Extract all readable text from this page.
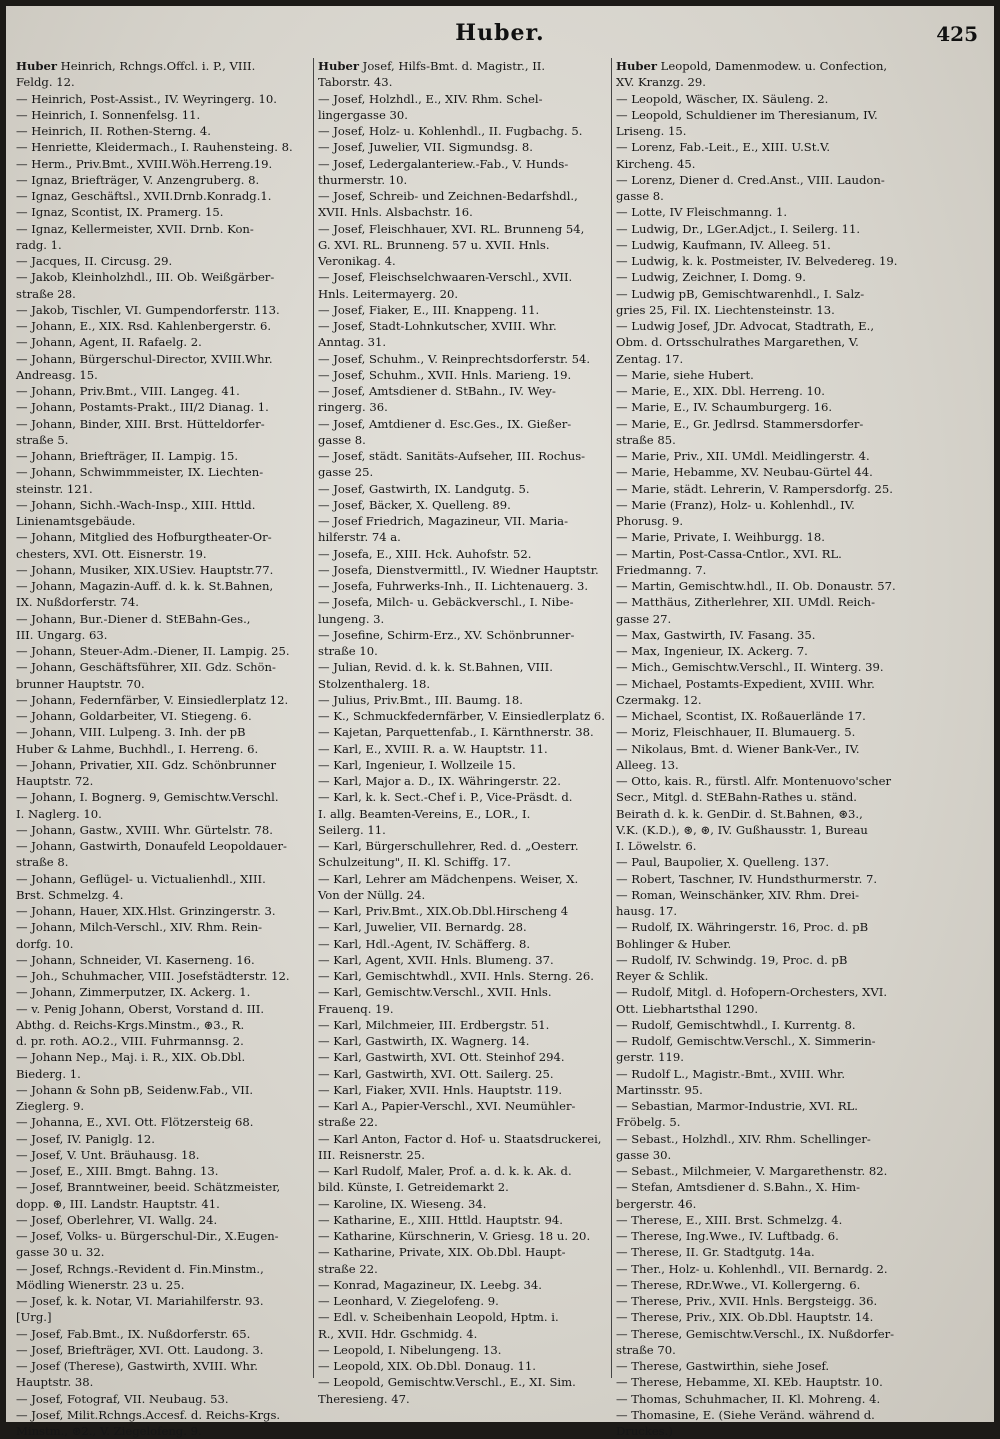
Huber.	425
Huber Heinrich, Rchngs.Offcl. i. P., VIII.
Feldg. 12.
— Heinrich, Post-Assist., IV. Weyringerg. 10.
— Heinrich, I. Sonnenfelsg. 11.
— Heinrich, II. Rothen-Sterng. 4.
— Henriette, Kleidermach., I. Rauhensteing. 8.
— Herm., Priv.Bmt., XVIII.Wöh.Herreng.19.
— Ignaz, Briefträger, V. Anzengruberg. 8.
— Ignaz, Geschäftsl., XVII.Drnb.Konradg.1.
— Ignaz, Scontist, IX. Pramerg. 15.
— Ignaz, Kellermeister, XVII. Drnb. Kon-
radg. 1.
— Jacques, II. Circusg. 29.
— Jakob, Kleinholzhdl., III. Ob. Weißgärber-
straße 28.
— Jakob, Tischler, VI. Gumpendorferstr. 113.
— Johann, E., XIX. Rsd. Kahlenbergerstr. 6.
— Johann, Agent, II. Rafaelg. 2.
— Johann, Bürgerschul-Director, XVIII.Whr.
Andreasg. 15.
— Johann, Priv.Bmt., VIII. Langeg. 41.
— Johann, Postamts-Prakt., III/2 Dianag. 1.
— Johann, Binder, XIII. Brst. Hütteldorfer-
straße 5.
— Johann, Briefträger, II. Lampig. 15.
— Johann, Schwimmmeister, IX. Liechten-
steinstr. 121.
— Johann, Sichh.-Wach-Insp., XIII. Httld.
Linienamtsgebäude.
— Johann, Mitglied des Hofburgtheater-Or-
chesters, XVI. Ott. Eisnerstr. 19.
— Johann, Musiker, XIX.USiev. Hauptstr.77.
— Johann, Magazin-Auff. d. k. k. St.Bahnen,
IX. Nußdorferstr. 74.
— Johann, Bur.-Diener d. StEBahn-Ges.,
III. Ungarg. 63.
— Johann, Steuer-Adm.-Diener, II. Lampig. 25.
— Johann, Geschäftsführer, XII. Gdz. Schön-
brunner Hauptstr. 70.
— Johann, Federnfärber, V. Einsiedlerplatz 12.
— Johann, Goldarbeiter, VI. Stiegeng. 6.
— Johann, VIII. Lulpeng. 3. Inh. der pB
Huber & Lahme, Buchhdl., I. Herreng. 6.
— Johann, Privatier, XII. Gdz. Schönbrunner
Hauptstr. 72.
— Johann, I. Bognerg. 9, Gemischtw.Verschl.
I. Naglerg. 10.
— Johann, Gastw., XVIII. Whr. Gürtelstr. 78.
— Johann, Gastwirth, Donaufeld Leopoldauer-
straße 8.
— Johann, Geflügel- u. Victualienhdl., XIII.
Brst. Schmelzg. 4.
— Johann, Hauer, XIX.Hlst. Grinzingerstr. 3.
— Johann, Milch-Verschl., XIV. Rhm. Rein-
dorfg. 10.
— Johann, Schneider, VI. Kaserneng. 16.
— Joh., Schuhmacher, VIII. Josefstädterstr. 12.
— Johann, Zimmerputzer, IX. Ackerg. 1.
— v. Penig Johann, Oberst, Vorstand d. III.
Abthg. d. Reichs-Krgs.Minstm., ⊛3., R.
d. pr. roth. AO.2., VIII. Fuhrmannsg. 2.
— Johann Nep., Maj. i. R., XIX. Ob.Dbl.
Biederg. 1.
— Johann & Sohn pB, Seidenw.Fab., VII.
Zieglerg. 9.
— Johanna, E., XVI. Ott. Flötzersteig 68.
— Josef, IV. Paniglg. 12.
— Josef, V. Unt. Bräuhausg. 18.
— Josef, E., XIII. Bmgt. Bahng. 13.
— Josef, Branntweiner, beeid. Schätzmeister,
dopp. ⊛, III. Landstr. Hauptstr. 41.
— Josef, Oberlehrer, VI. Wallg. 24.
— Josef, Volks- u. Bürgerschul-Dir., X.Eugen-
gasse 30 u. 32.
— Josef, Rchngs.-Revident d. Fin.Minstm.,
Mödling Wienerstr. 23 u. 25.
— Josef, k. k. Notar, VI. Mariahilferstr. 93.
[Urg.]
— Josef, Fab.Bmt., IX. Nußdorferstr. 65.
— Josef, Briefträger, XVI. Ott. Laudong. 3.
— Josef (Therese), Gastwirth, XVIII. Whr.
Hauptstr. 38.
— Josef, Fotograf, VII. Neubaug. 53.
— Josef, Milit.Rchngs.Accesf. d. Reichs-Krgs.
Minstm., ⊛2., V. Ziegelofeng. 9.
Huber Josef, Hilfs-Bmt. d. Magistr., II.
Taborstr. 43.
— Josef, Holzhdl., E., XIV. Rhm. Schel-
lingergasse 30.
— Josef, Holz- u. Kohlenhdl., II. Fugbachg. 5.
— Josef, Juwelier, VII. Sigmundsg. 8.
— Josef, Ledergalanteriew.-Fab., V. Hunds-
thurmerstr. 10.
— Josef, Schreib- und Zeichnen-Bedarfshdl.,
XVII. Hnls. Alsbachstr. 16.
— Josef, Fleischhauer, XVI. RL. Brunneng 54,
G. XVI. RL. Brunneng. 57 u. XVII. Hnls.
Veronikag. 4.
— Josef, Fleischselchwaaren-Verschl., XVII.
Hnls. Leitermayerg. 20.
— Josef, Fiaker, E., III. Knappeng. 11.
— Josef, Stadt-Lohnkutscher, XVIII. Whr.
Anntag. 31.
— Josef, Schuhm., V. Reinprechtsdorferstr. 54.
— Josef, Schuhm., XVII. Hnls. Marieng. 19.
— Josef, Amtsdiener d. StBahn., IV. Wey-
ringerg. 36.
— Josef, Amtdiener d. Esc.Ges., IX. Gießer-
gasse 8.
— Josef, städt. Sanitäts-Aufseher, III. Rochus-
gasse 25.
— Josef, Gastwirth, IX. Landgutg. 5.
— Josef, Bäcker, X. Quelleng. 89.
— Josef Friedrich, Magazineur, VII. Maria-
hilferstr. 74 a.
— Josefa, E., XIII. Hck. Auhofstr. 52.
— Josefa, Dienstvermittl., IV. Wiedner Hauptstr.
— Josefa, Fuhrwerks-Inh., II. Lichtenauerg. 3.
— Josefa, Milch- u. Gebäckverschl., I. Nibe-
lungeng. 3.
— Josefine, Schirm-Erz., XV. Schönbrunner-
straße 10.
— Julian, Revid. d. k. k. St.Bahnen, VIII.
Stolzenthalerg. 18.
— Julius, Priv.Bmt., III. Baumg. 18.
— K., Schmuckfedernfärber, V. Einsiedlerplatz 6.
— Kajetan, Parquettenfab., I. Kärnthnerstr. 38.
— Karl, E., XVIII. R. a. W. Hauptstr. 11.
— Karl, Ingenieur, I. Wollzeile 15.
— Karl, Major a. D., IX. Währingerstr. 22.
— Karl, k. k. Sect.-Chef i. P., Vice-Präsdt. d.
I. allg. Beamten-Vereins, E., LOR., I.
Seilerg. 11.
— Karl, Bürgerschullehrer, Red. d. „Oesterr.
Schulzeitung", II. Kl. Schiffg. 17.
— Karl, Lehrer am Mädchenpens. Weiser, X.
Von der Nüllg. 24.
— Karl, Priv.Bmt., XIX.Ob.Dbl.Hirscheng 4
— Karl, Juwelier, VII. Bernardg. 28.
— Karl, Hdl.-Agent, IV. Schäfferg. 8.
— Karl, Agent, XVII. Hnls. Blumeng. 37.
— Karl, Gemischtwhdl., XVII. Hnls. Sterng. 26.
— Karl, Gemischtw.Verschl., XVII. Hnls.
Frauenq. 19.
— Karl, Milchmeier, III. Erdbergstr. 51.
— Karl, Gastwirth, IX. Wagnerg. 14.
— Karl, Gastwirth, XVI. Ott. Steinhof 294.
— Karl, Gastwirth, XVI. Ott. Sailerg. 25.
— Karl, Fiaker, XVII. Hnls. Hauptstr. 119.
— Karl A., Papier-Verschl., XVI. Neumühler-
straße 22.
— Karl Anton, Factor d. Hof- u. Staatsdruckerei,
III. Reisnerstr. 25.
— Karl Rudolf, Maler, Prof. a. d. k. k. Ak. d.
bild. Künste, I. Getreidemarkt 2.
— Karoline, IX. Wieseng. 34.
— Katharine, E., XIII. Httld. Hauptstr. 94.
— Katharine, Kürschnerin, V. Griesg. 18 u. 20.
— Katharine, Private, XIX. Ob.Dbl. Haupt-
straße 22.
— Konrad, Magazineur, IX. Leebg. 34.
— Leonhard, V. Ziegelofeng. 9.
— Edl. v. Scheibenhain Leopold, Hptm. i.
R., XVII. Hdr. Gschmidg. 4.
— Leopold, I. Nibelungeng. 13.
— Leopold, XIX. Ob.Dbl. Donaug. 11.
— Leopold, Gemischtw.Verschl., E., XI. Sim.
Theresieng. 47.
Huber Leopold, Damenmodew. u. Confection,
XV. Kranzg. 29.
— Leopold, Wäscher, IX. Säuleng. 2.
— Leopold, Schuldiener im Theresianum, IV.
Lriseng. 15.
— Lorenz, Fab.-Leit., E., XIII. U.St.V.
Kircheng. 45.
— Lorenz, Diener d. Cred.Anst., VIII. Laudon-
gasse 8.
— Lotte, IV Fleischmanng. 1.
— Ludwig, Dr., LGer.Adjct., I. Seilerg. 11.
— Ludwig, Kaufmann, IV. Alleeg. 51.
— Ludwig, k. k. Postmeister, IV. Belvedereg. 19.
— Ludwig, Zeichner, I. Domg. 9.
— Ludwig pB, Gemischtwarenhdl., I. Salz-
gries 25, Fil. IX. Liechtensteinstr. 13.
— Ludwig Josef, JDr. Advocat, Stadtrath, E.,
Obm. d. Ortsschulrathes Margarethen, V.
Zentag. 17.
— Marie, siehe Hubert.
— Marie, E., XIX. Dbl. Herreng. 10.
— Marie, E., IV. Schaumburgerg. 16.
— Marie, E., Gr. Jedlrsd. Stammersdorfer-
straße 85.
— Marie, Priv., XII. UMdl. Meidlingerstr. 4.
— Marie, Hebamme, XV. Neubau-Gürtel 44.
— Marie, städt. Lehrerin, V. Rampersdorfg. 25.
— Marie (Franz), Holz- u. Kohlenhdl., IV.
Phorusg. 9.
— Marie, Private, I. Weihburgg. 18.
— Martin, Post-Cassa-Cntlor., XVI. RL.
Friedmanng. 7.
— Martin, Gemischtw.hdl., II. Ob. Donaustr. 57.
— Matthäus, Zitherlehrer, XII. UMdl. Reich-
gasse 27.
— Max, Gastwirth, IV. Fasang. 35.
— Max, Ingenieur, IX. Ackerg. 7.
— Mich., Gemischtw.Verschl., II. Winterg. 39.
— Michael, Postamts-Expedient, XVIII. Whr.
Czermakg. 12.
— Michael, Scontist, IX. Roßauerlände 17.
— Moriz, Fleischhauer, II. Blumauerg. 5.
— Nikolaus, Bmt. d. Wiener Bank-Ver., IV.
Alleeg. 13.
— Otto, kais. R., fürstl. Alfr. Montenuovo'scher
Secr., Mitgl. d. StEBahn-Rathes u. ständ.
Beirath d. k. k. GenDir. d. St.Bahnen, ⊛3.,
V.K. (K.D.), ⊛, ⊛, IV. Gußhausstr. 1, Bureau
I. Löwelstr. 6.
— Paul, Baupolier, X. Quelleng. 137.
— Robert, Taschner, IV. Hundsthurmerstr. 7.
— Roman, Weinschänker, XIV. Rhm. Drei-
hausg. 17.
— Rudolf, IX. Währingerstr. 16, Proc. d. pB
Bohlinger & Huber.
— Rudolf, IV. Schwindg. 19, Proc. d. pB
Reyer & Schlik.
— Rudolf, Mitgl. d. Hofopern-Orchesters, XVI.
Ott. Liebhartsthal 1290.
— Rudolf, Gemischtwhdl., I. Kurrentg. 8.
— Rudolf, Gemischtw.Verschl., X. Simmerin-
gerstr. 119.
— Rudolf L., Magistr.-Bmt., XVIII. Whr.
Martinsstr. 95.
— Sebastian, Marmor-Industrie, XVI. RL.
Fröbelg. 5.
— Sebast., Holzhdl., XIV. Rhm. Schellinger-
gasse 30.
— Sebast., Milchmeier, V. Margarethenstr. 82.
— Stefan, Amtsdiener d. S.Bahn., X. Him-
bergerstr. 46.
— Therese, E., XIII. Brst. Schmelzg. 4.
— Therese, Ing.Wwe., IV. Luftbadg. 6.
— Therese, II. Gr. Stadtgutg. 14a.
— Ther., Holz- u. Kohlenhdl., VII. Bernardg. 2.
— Therese, RDr.Wwe., VI. Kollergerng. 6.
— Therese, Priv., XVII. Hnls. Bergsteigg. 36.
— Therese, Priv., XIX. Ob.Dbl. Hauptstr. 14.
— Therese, Gemischtw.Verschl., IX. Nußdorfer-
straße 70.
— Therese, Gastwirthin, siehe Josef.
— Therese, Hebamme, XI. KEb. Hauptstr. 10.
— Thomas, Schuhmacher, II. Kl. Mohreng. 4.
— Thomasine, E. (Siehe Veränd. während d.
Druckes.)
